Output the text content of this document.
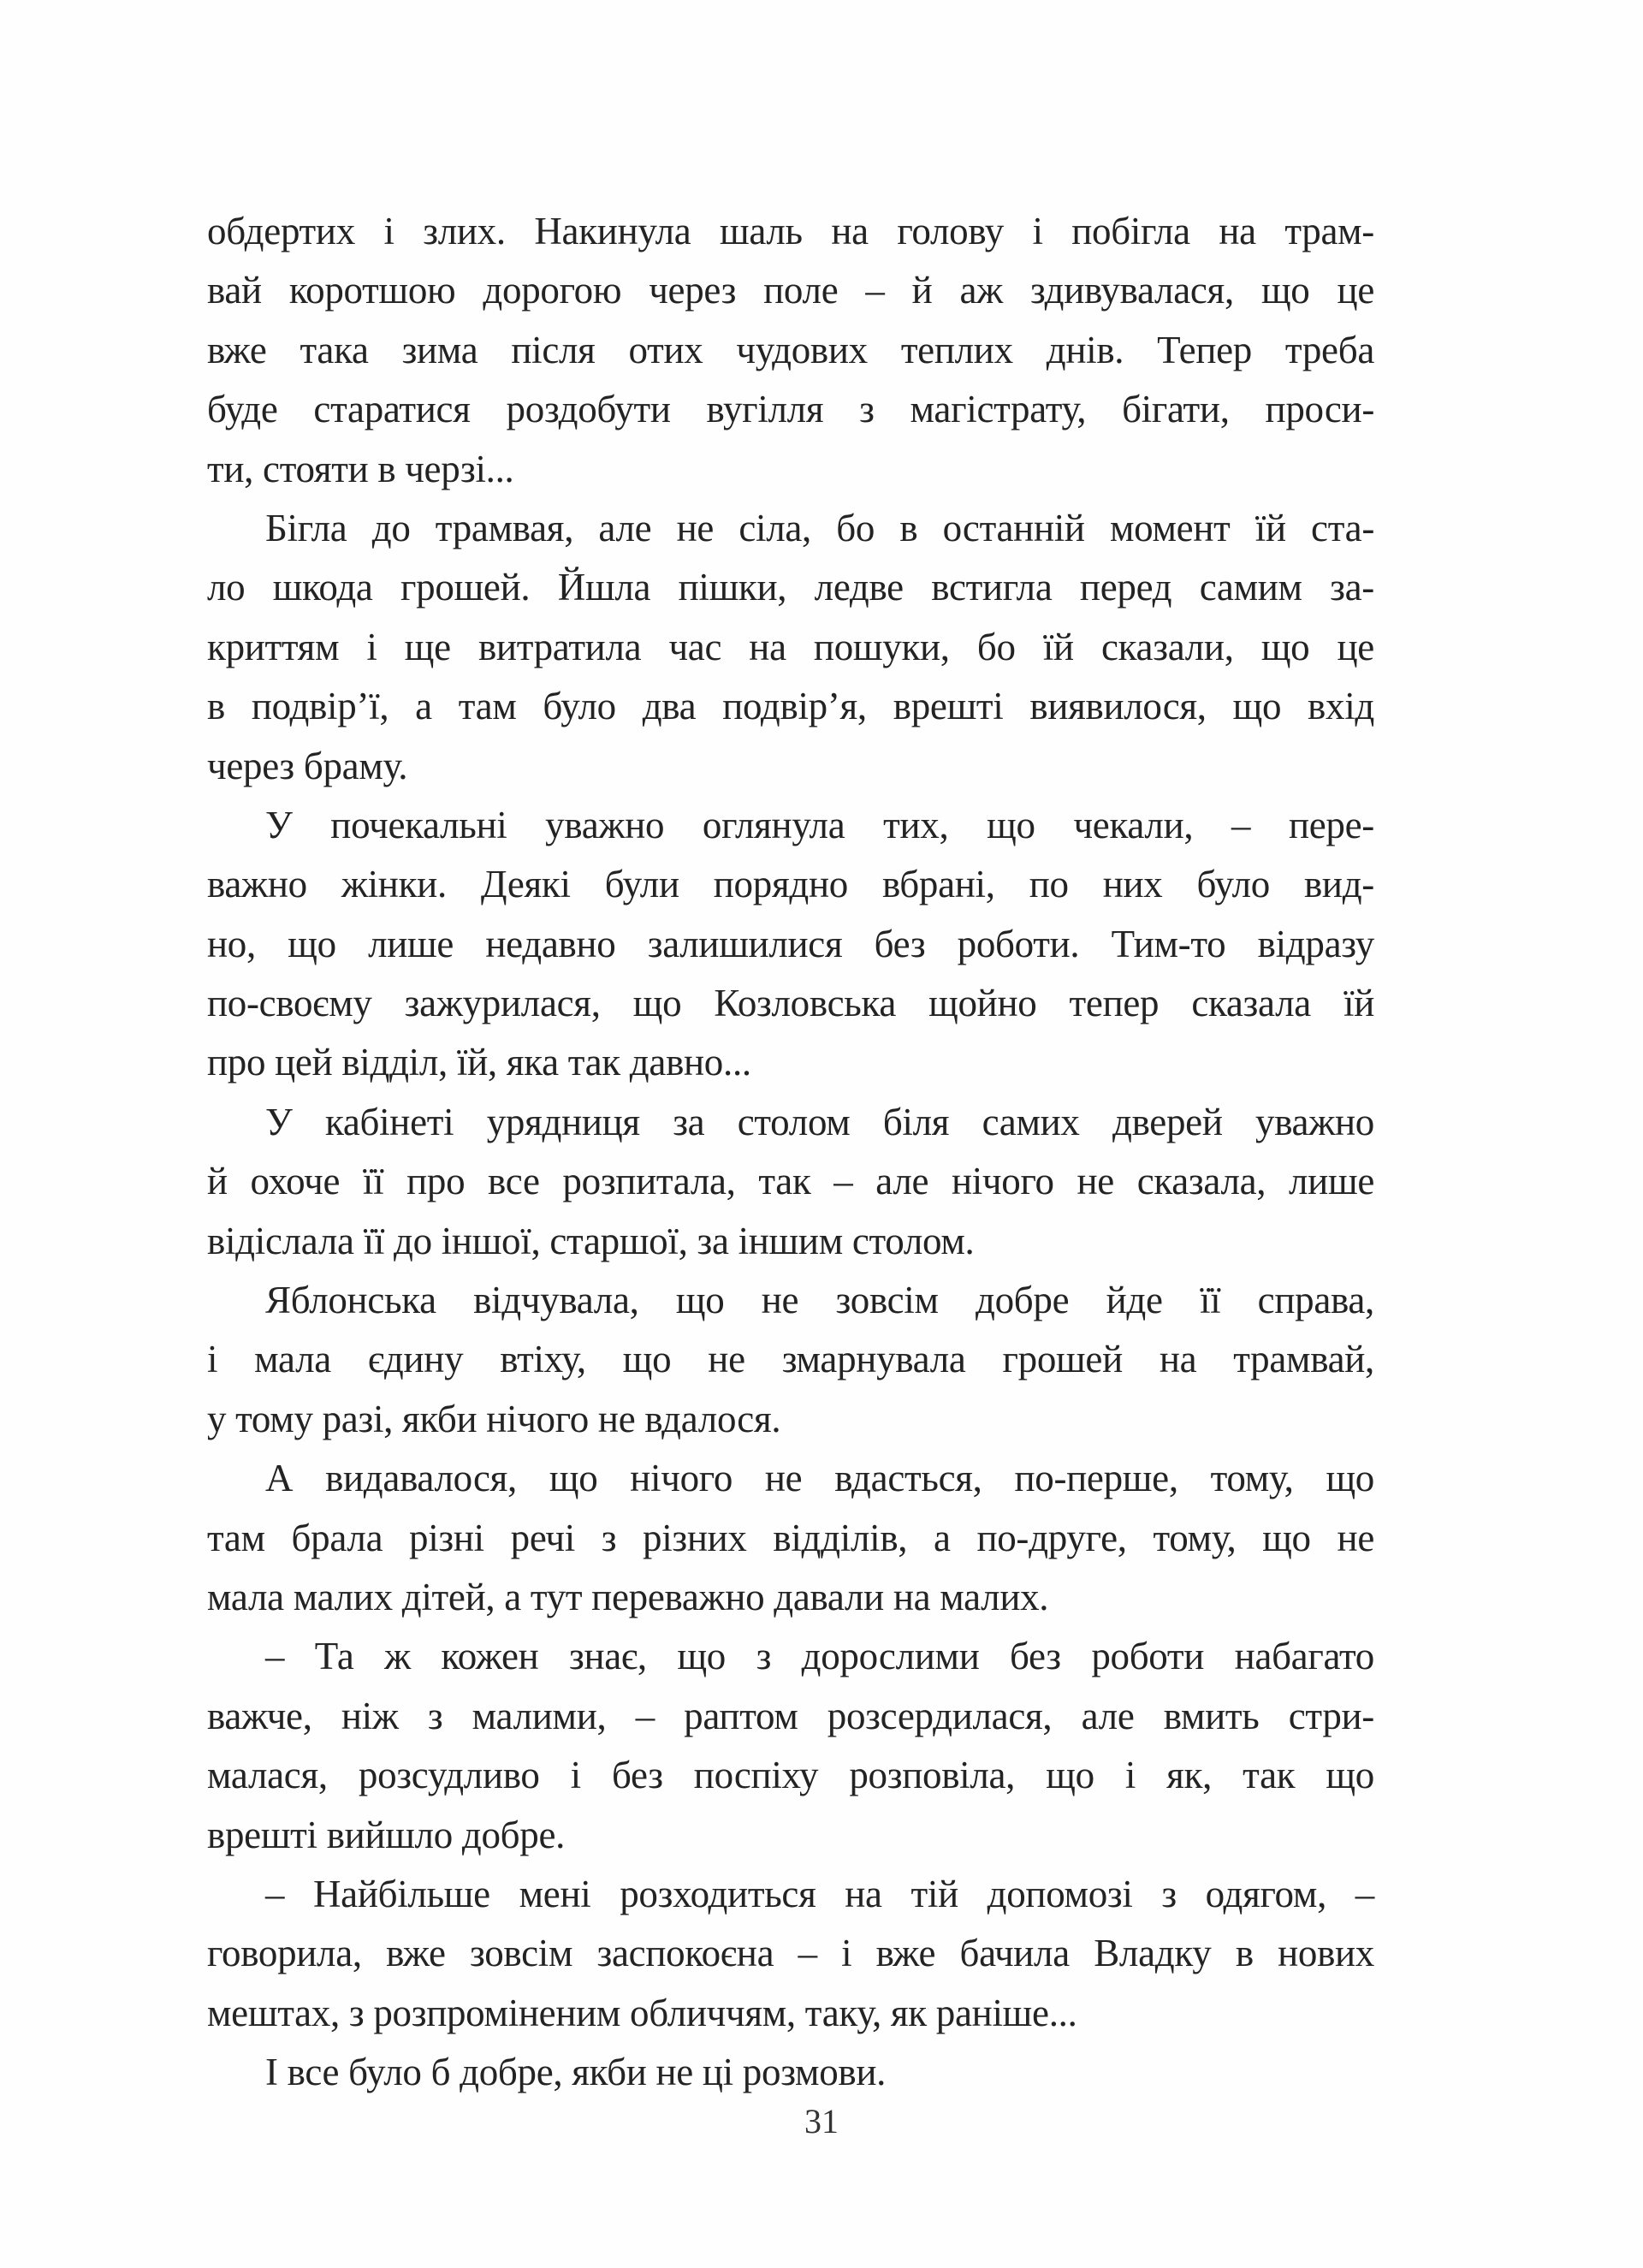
обдертих і злих. Накинула шаль на голову і побігла на трам-
вай коротшою дорогою через поле – й аж здивувалася, що це
вже така зима після отих чудових теплих днів. Тепер треба
буде старатися роздобути вугілля з магістрату, бігати, проси-
ти, стояти в черзі...
Бігла до трамвая, але не сіла, бо в останній момент їй ста-
ло шкода грошей. Йшла пішки, ледве встигла перед самим за-
криттям і ще витратила час на пошуки, бо їй сказали, що це
в подвір’ї, а там було два подвір’я, врешті виявилося, що вхід
через браму.
У почекальні уважно оглянула тих, що чекали, – пере-
важно жінки. Деякі були порядно вбрані, по них було вид-
но, що лише недавно залишилися без роботи. Тим-то відразу
по-своєму зажурилася, що Козловська щойно тепер сказала їй
про цей відділ, їй, яка так давно...
У кабінеті урядниця за столом біля самих дверей уважно
й охоче її про все розпитала, так – але нічого не сказала, лише
відіслала її до іншої, старшої, за іншим столом.
Яблонська відчувала, що не зовсім добре йде її справа,
і мала єдину втіху, що не змарнувала грошей на трамвай,
у тому разі, якби нічого не вдалося.
А видавалося, що нічого не вдасться, по-перше, тому, що
там брала різні речі з різних відділів, а по-друге, тому, що не
мала малих дітей, а тут переважно давали на малих.
– Та ж кожен знає, що з дорослими без роботи набагато
важче, ніж з малими, – раптом розсердилася, але вмить стри-
малася, розсудливо і без поспіху розповіла, що і як, так що
врешті вийшло добре.
– Найбільше мені розходиться на тій допомозі з одягом, –
говорила, вже зовсім заспокоєна – і вже бачила Владку в нових
мештах, з розпроміненим обличчям, таку, як раніше...
І все було б добре, якби не ці розмови.
31
